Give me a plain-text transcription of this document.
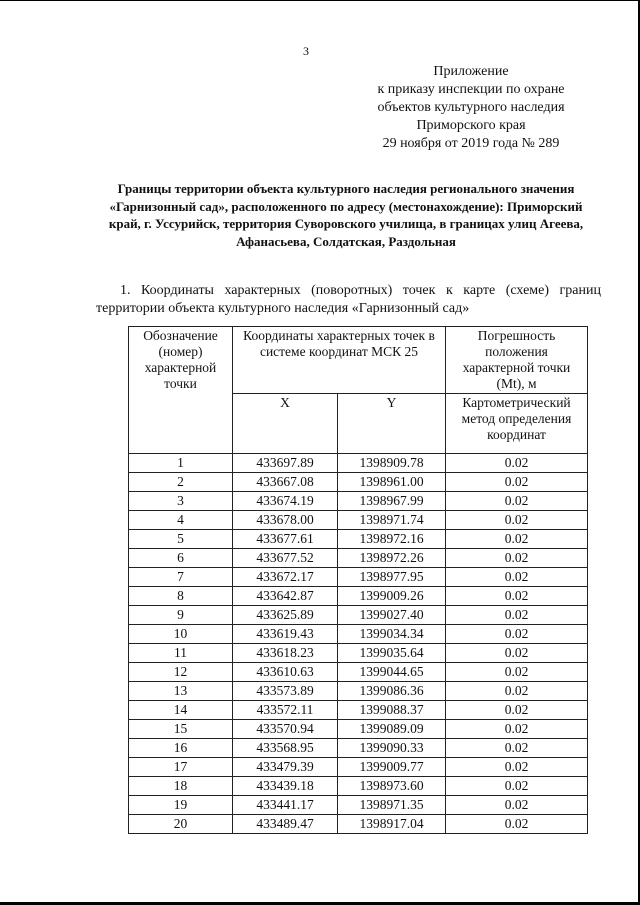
3
Приложение
к приказу инспекции по охране
объектов культурного наследия
Приморского края
29 ноября от 2019 года № 289
Границы территории объекта культурного наследия регионального значения «Гарнизонный сад», расположенного по адресу (местонахождение): Приморский край, г. Уссурийск, территория Суворовского училища, в границах улиц Агеева, Афанасьева, Солдатская, Раздольная
1. Координаты характерных (поворотных) точек к карте (схеме) границ территории объекта культурного наследия «Гарнизонный сад»
Обозначение (номер) характерной точки	Координаты характерных точек в системе координат МСК 25		Погрешность положения характерной точки (Mt), м
	X	Y	Картометрический метод определения координат
1	433697.89	1398909.78	0.02
2	433667.08	1398961.00	0.02
3	433674.19	1398967.99	0.02
4	433678.00	1398971.74	0.02
5	433677.61	1398972.16	0.02
6	433677.52	1398972.26	0.02
7	433672.17	1398977.95	0.02
8	433642.87	1399009.26	0.02
9	433625.89	1399027.40	0.02
10	433619.43	1399034.34	0.02
11	433618.23	1399035.64	0.02
12	433610.63	1399044.65	0.02
13	433573.89	1399086.36	0.02
14	433572.11	1399088.37	0.02
15	433570.94	1399089.09	0.02
16	433568.95	1399090.33	0.02
17	433479.39	1399009.77	0.02
18	433439.18	1398973.60	0.02
19	433441.17	1398971.35	0.02
20	433489.47	1398917.04	0.02
